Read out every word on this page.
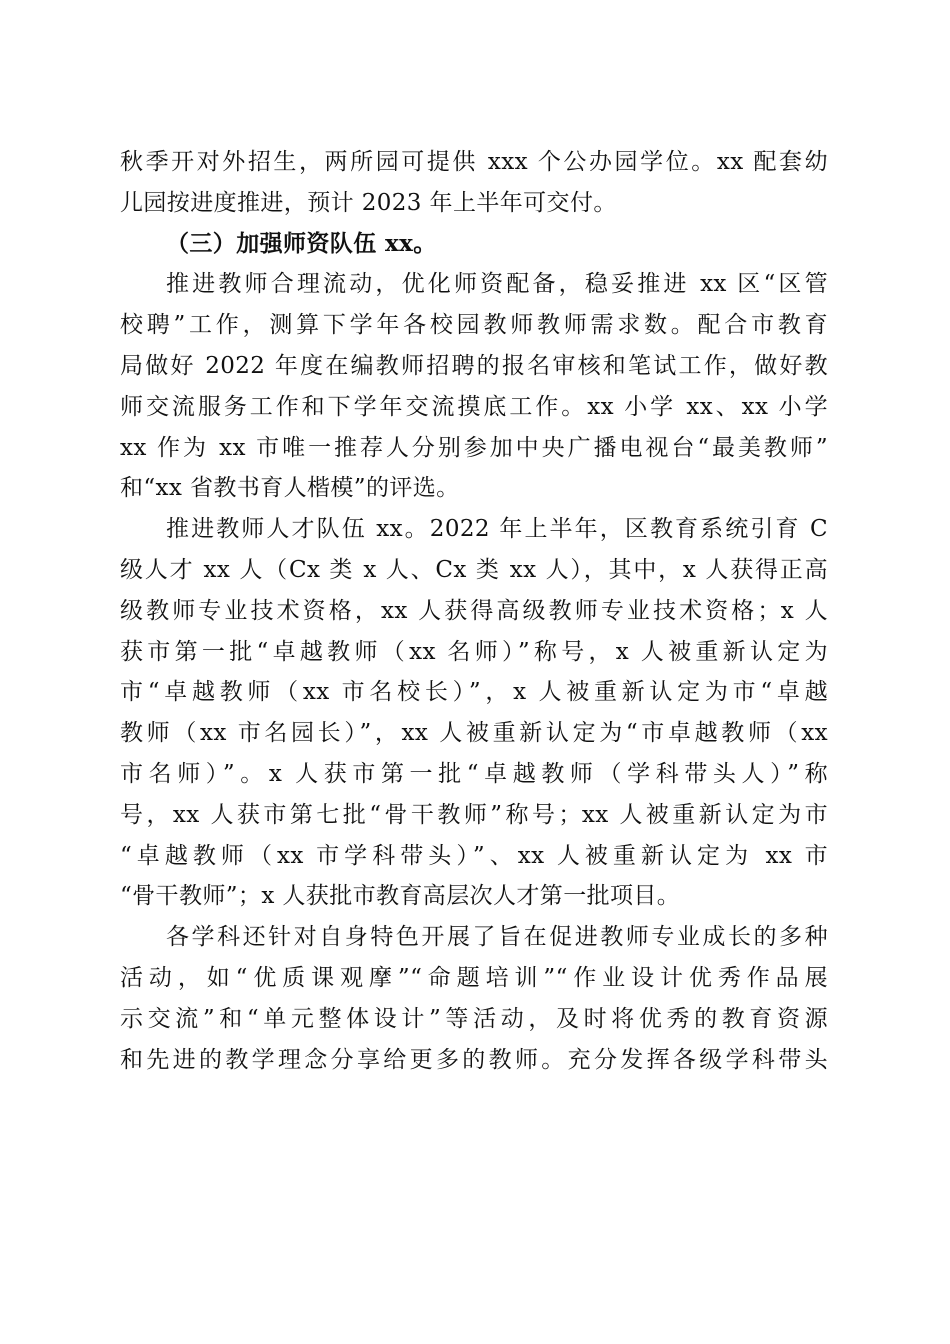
秋季开对外招生，两所园可提供 xxx 个公办园学位。xx 配套幼
儿园按进度推进，预计 2023 年上半年可交付。
（三）加强师资队伍 xx。
推进教师合理流动，优化师资配备，稳妥推进 xx 区“区管
校聘”工作，测算下学年各校园教师教师需求数。配合市教育
局做好 2022 年度在编教师招聘的报名审核和笔试工作，做好教
师交流服务工作和下学年交流摸底工作。xx 小学 xx、xx 小学
xx 作为 xx 市唯一推荐人分别参加中央广播电视台“最美教师”
和“xx 省教书育人楷模”的评选。
推进教师人才队伍 xx。2022 年上半年，区教育系统引育 C
级人才 xx 人（Cx 类 x 人、Cx 类 xx 人），其中，x 人获得正高
级教师专业技术资格，xx 人获得高级教师专业技术资格；x 人
获市第一批“卓越教师（xx 名师）”称号，x 人被重新认定为
市“卓越教师（xx 市名校长）”，x 人被重新认定为市“卓越
教师（xx 市名园长）”，xx 人被重新认定为“市卓越教师（xx
市名师）”。x 人获市第一批“卓越教师（学科带头人）”称
号，xx 人获市第七批“骨干教师”称号；xx 人被重新认定为市
“卓越教师（xx 市学科带头）”、xx 人被重新认定为 xx 市
“骨干教师”；x 人获批市教育高层次人才第一批项目。
各学科还针对自身特色开展了旨在促进教师专业成长的多种
活动，如“优质课观摩”“命题培训”“作业设计优秀作品展
示交流”和“单元整体设计”等活动，及时将优秀的教育资源
和先进的教学理念分享给更多的教师。充分发挥各级学科带头
